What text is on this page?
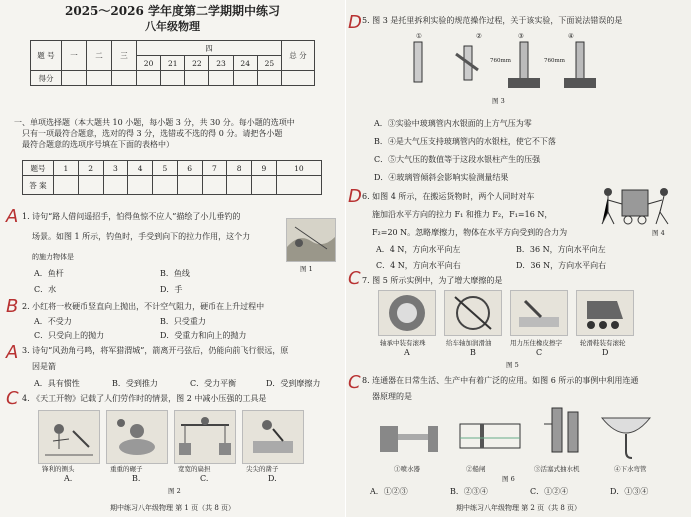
2025～2026 学年度第二学期期中练习
八年级物理
题 号	一	二	三	四						总 分
				20	21	22	23	24	25	
得分										
一、单项选择题（本大题共 10 小题，每小题 3 分，共 30 分。每小题的选项中
只有一项最符合题意，选对的得 3 分，选错或不选的得 0 分。请把各小题
最符合题意的选项序号填在下面的表格中）
题号	1	2	3	4	5	6	7	8	9	10
答 案										
A 1. 诗句“路人借问遥招手，怕得鱼惊不应人”描绘了小儿垂钓的
场景。如图 1 所示，钓鱼时，手受到向下的拉力作用，这个力
的施力物体是
A．鱼杆	B．鱼线
C．水	D．手
图 1
B 2. 小红将一枚硬币竖直向上抛出，不计空气阻力，硬币在上升过程中
A．不受力	B．只受重力
C．只受向上的抛力	D．受重力和向上的抛力
A 3. 诗句“风劲角弓鸣，将军猎渭城”，箭离开弓弦后，仍能向前飞行很远，原
因是箭
A．具有惯性	B．受到推力	C．受力平衡	D．受到摩擦力
C 4. 《天工开物》记载了人们劳作时的情景，图 2 中减小压强的工具是
锋利的铡头	重重的碾子	宽宽的扁担	尖尖的凿子
A.	B.	C.	D.
图 2
期中练习八年级物理 第 1 页（共 8 页）
D 5. 图 3 是托里拆利实验的规范操作过程，关于该实验，下面说法错误的是
①	②	③	④
760mm	760mm
图 3
A．③实验中玻璃管内水银面的上方气压为零
B．④是大气压支持玻璃管内的水银柱，使它不下落
C．⑤大气压的数值等于这段水银柱产生的压强
D．④玻璃管倾斜会影响实验测量结果
D 6. 如图 4 所示，在搬运货物时，两个人同时对车
施加沿水平方向的拉力 F₁ 和推力 F₂，F₁=16 N，
F₂=20 N。忽略摩擦力，物体在水平方向受到的合力为	图 4
A．4 N，方向水平向左	B．36 N，方向水平向左
C．4 N，方向水平向右	D．36 N，方向水平向右
C 7. 图 5 所示实例中，为了增大摩擦的是
轴承中装有滚珠	给车轴加润滑油	用力压住橡皮擦字	轮滑鞋装有滚轮
A	B	C	D
图 5
C 8. 连通器在日常生活、生产中有着广泛的应用。如图 6 所示的事例中利用连通
器原理的是
①喷水器	②船闸	③活塞式抽水机	④下水弯管
图 6
A．①②③	B．②③④	C．①②④	D．①③④
期中练习八年级物理 第 2 页（共 8 页）
